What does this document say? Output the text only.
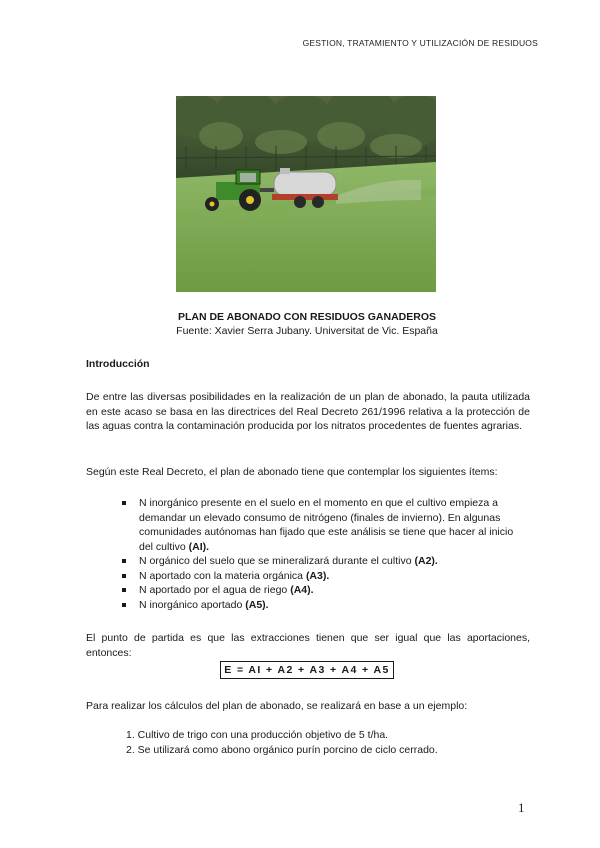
GESTION, TRATAMIENTO Y UTILIZACIÓN DE RESIDUOS
PLAN DE ABONADO CON RESIDUOS GANADEROS
Fuente: Xavier Serra Jubany. Universitat de Vic. España
Introducción
De entre las diversas posibilidades en la realización de un plan de abonado, la pauta utilizada en este acaso se basa en las directrices del Real Decreto 261/1996 relativa a la protección de las aguas contra la contaminación producida por los nitratos procedentes de fuentes agrarias.
Según este Real Decreto, el plan de abonado tiene que contemplar los siguientes ítems:
N inorgánico presente en el suelo en el momento en que el cultivo empieza a demandar un elevado consumo de nitrógeno (finales de invierno). En algunas comunidades autónomas han fijado que este análisis se tiene que hacer al inicio del cultivo (AI).
N orgánico del suelo que se mineralizará durante el cultivo (A2).
N aportado con la materia orgánica (A3).
N aportado por el agua de riego (A4).
N inorgánico aportado (A5).
El punto de partida es que las extracciones tienen que ser igual que las aportaciones, entonces:
E = AI + A2 + A3 + A4 + A5
Para realizar los cálculos del plan de abonado, se realizará en base a un ejemplo:
1. Cultivo de trigo con una producción objetivo de 5 t/ha.
2. Se utilizará como abono orgánico purín porcino de ciclo cerrado.
1
